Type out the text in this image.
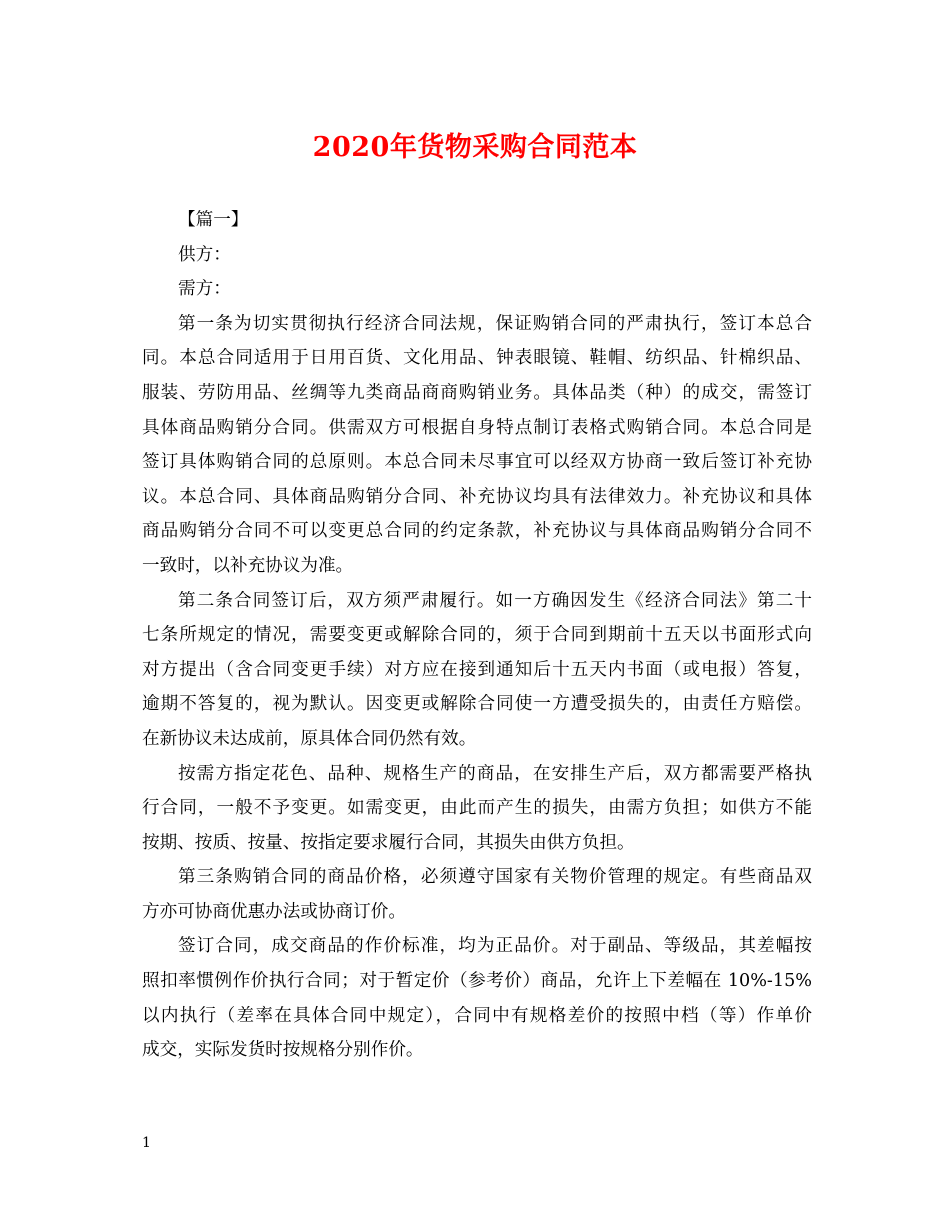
2020年货物采购合同范本
【篇一】
供方：
需方：
第一条为切实贯彻执行经济合同法规，保证购销合同的严肃执行，签订本总合
同。本总合同适用于日用百货、文化用品、钟表眼镜、鞋帽、纺织品、针棉织品、
服装、劳防用品、丝绸等九类商品商商购销业务。具体品类（种）的成交，需签订
具体商品购销分合同。供需双方可根据自身特点制订表格式购销合同。本总合同是
签订具体购销合同的总原则。本总合同未尽事宜可以经双方协商一致后签订补充协
议。本总合同、具体商品购销分合同、补充协议均具有法律效力。补充协议和具体
商品购销分合同不可以变更总合同的约定条款，补充协议与具体商品购销分合同不
一致时，以补充协议为准。
第二条合同签订后，双方须严肃履行。如一方确因发生《经济合同法》第二十
七条所规定的情况，需要变更或解除合同的，须于合同到期前十五天以书面形式向
对方提出（含合同变更手续）对方应在接到通知后十五天内书面（或电报）答复，
逾期不答复的，视为默认。因变更或解除合同使一方遭受损失的，由责任方赔偿。
在新协议未达成前，原具体合同仍然有效。
按需方指定花色、品种、规格生产的商品，在安排生产后，双方都需要严格执
行合同，一般不予变更。如需变更，由此而产生的损失，由需方负担；如供方不能
按期、按质、按量、按指定要求履行合同，其损失由供方负担。
第三条购销合同的商品价格，必须遵守国家有关物价管理的规定。有些商品双
方亦可协商优惠办法或协商订价。
签订合同，成交商品的作价标准，均为正品价。对于副品、等级品，其差幅按
照扣率惯例作价执行合同；对于暂定价（参考价）商品，允许上下差幅在 10%-15%
以内执行（差率在具体合同中规定），合同中有规格差价的按照中档（等）作单价
成交，实际发货时按规格分别作价。
1
